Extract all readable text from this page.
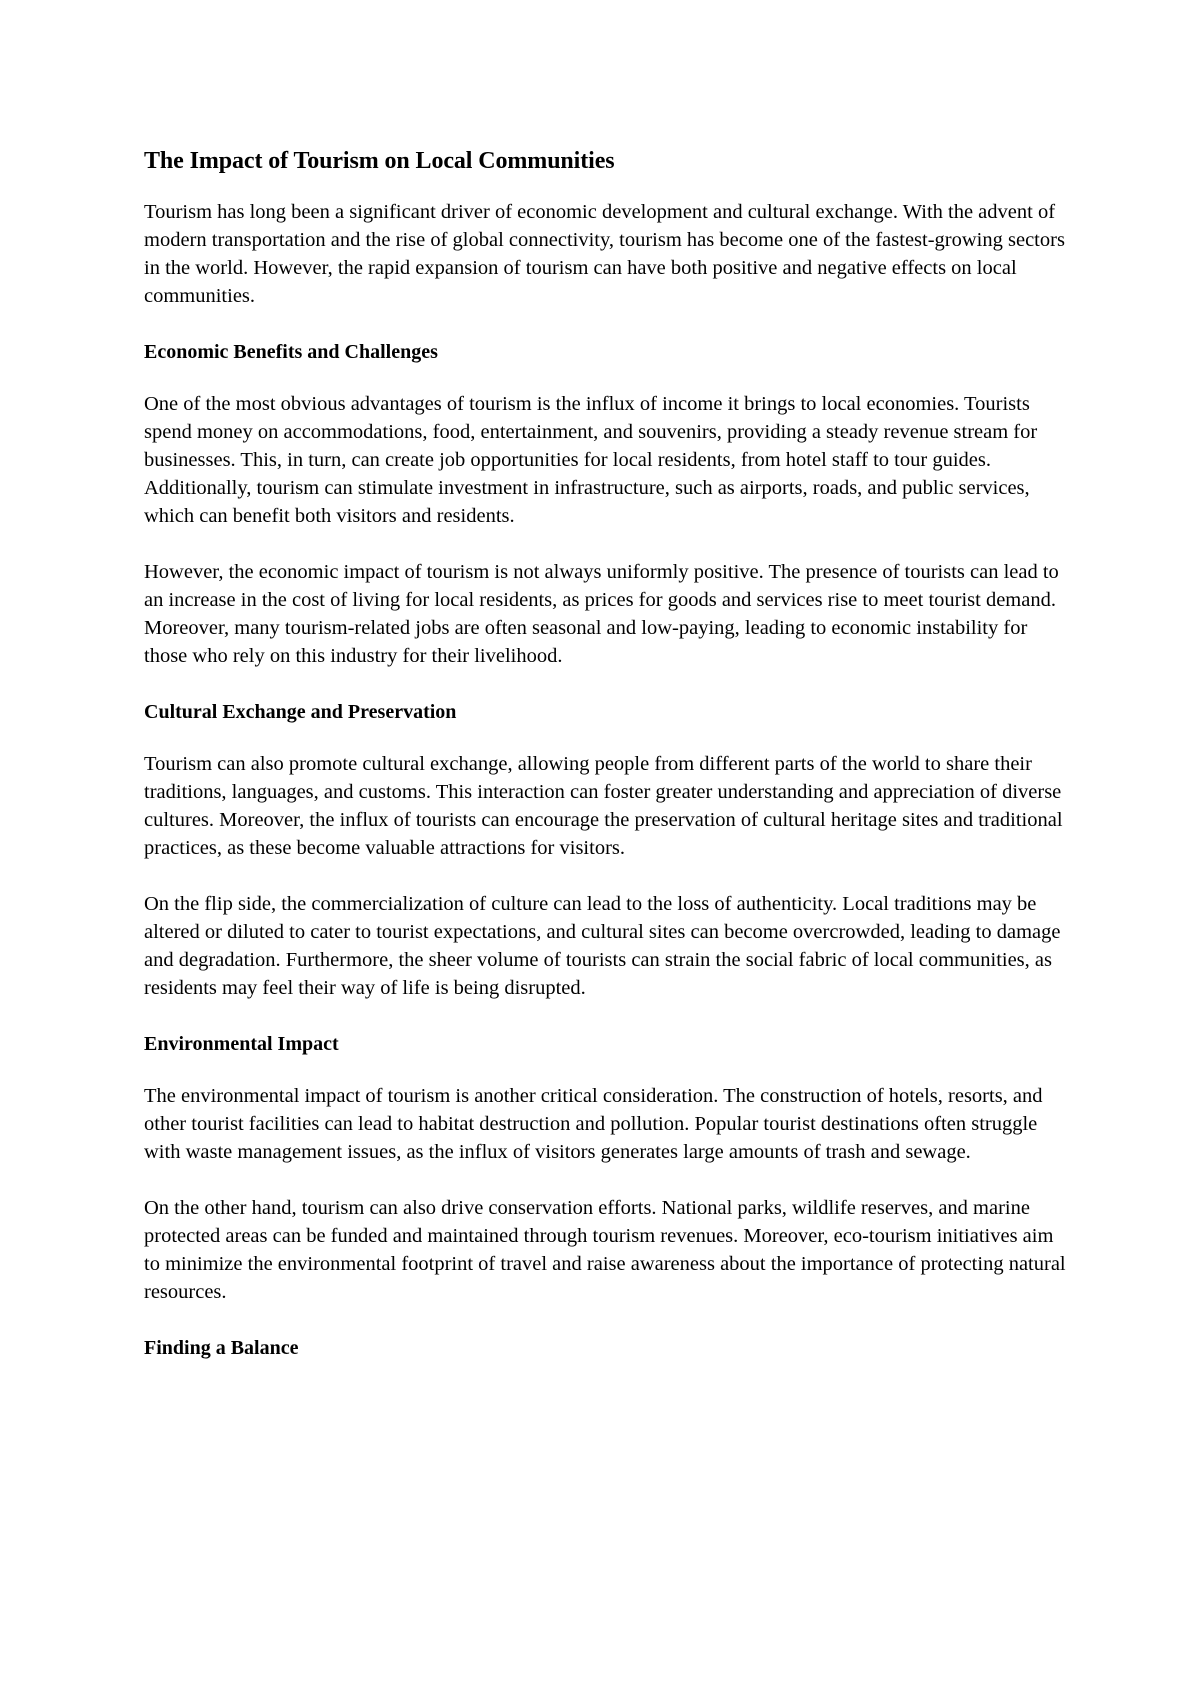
The Impact of Tourism on Local Communities

Tourism has long been a significant driver of economic development and cultural exchange. With the advent of modern transportation and the rise of global connectivity, tourism has become one of the fastest-growing sectors in the world. However, the rapid expansion of tourism can have both positive and negative effects on local communities.

Economic Benefits and Challenges

One of the most obvious advantages of tourism is the influx of income it brings to local economies. Tourists spend money on accommodations, food, entertainment, and souvenirs, providing a steady revenue stream for businesses. This, in turn, can create job opportunities for local residents, from hotel staff to tour guides. Additionally, tourism can stimulate investment in infrastructure, such as airports, roads, and public services, which can benefit both visitors and residents.

However, the economic impact of tourism is not always uniformly positive. The presence of tourists can lead to an increase in the cost of living for local residents, as prices for goods and services rise to meet tourist demand. Moreover, many tourism-related jobs are often seasonal and low-paying, leading to economic instability for those who rely on this industry for their livelihood.

Cultural Exchange and Preservation

Tourism can also promote cultural exchange, allowing people from different parts of the world to share their traditions, languages, and customs. This interaction can foster greater understanding and appreciation of diverse cultures. Moreover, the influx of tourists can encourage the preservation of cultural heritage sites and traditional practices, as these become valuable attractions for visitors.

On the flip side, the commercialization of culture can lead to the loss of authenticity. Local traditions may be altered or diluted to cater to tourist expectations, and cultural sites can become overcrowded, leading to damage and degradation. Furthermore, the sheer volume of tourists can strain the social fabric of local communities, as residents may feel their way of life is being disrupted.

Environmental Impact

The environmental impact of tourism is another critical consideration. The construction of hotels, resorts, and other tourist facilities can lead to habitat destruction and pollution. Popular tourist destinations often struggle with waste management issues, as the influx of visitors generates large amounts of trash and sewage.

On the other hand, tourism can also drive conservation efforts. National parks, wildlife reserves, and marine protected areas can be funded and maintained through tourism revenues. Moreover, eco-tourism initiatives aim to minimize the environmental footprint of travel and raise awareness about the importance of protecting natural resources.

Finding a Balance
